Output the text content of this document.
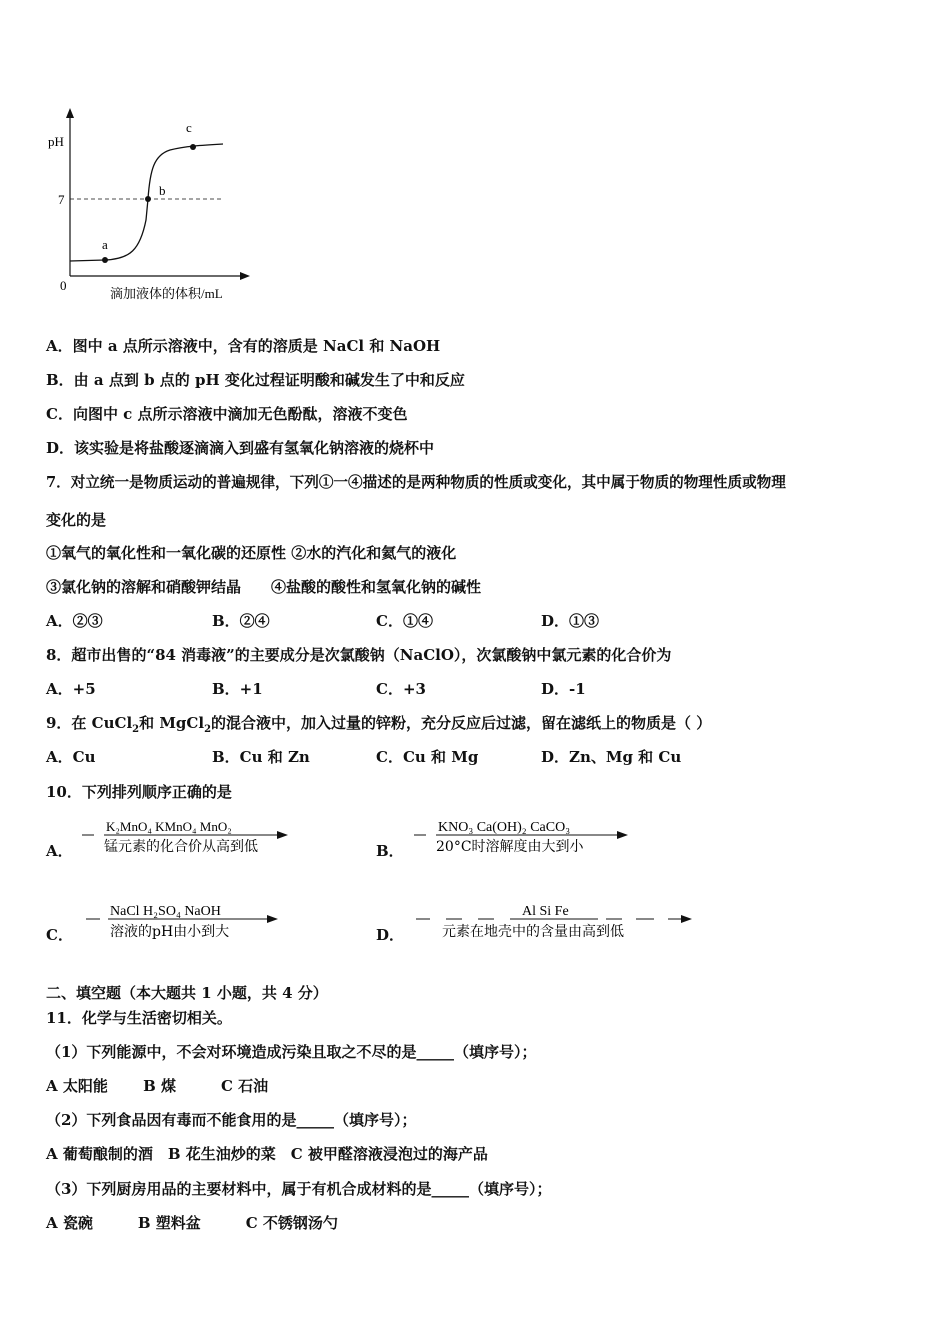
a
b
c
pH
7
0
滴加液体的体积/mL
A．图中 a 点所示溶液中，含有的溶质是 NaCl 和 NaOH
B．由 a 点到 b 点的 pH 变化过程证明酸和碱发生了中和反应
C．向图中 c 点所示溶液中滴加无色酚酞，溶液不变色
D．该实验是将盐酸逐滴滴入到盛有氢氧化钠溶液的烧杯中
7．对立统一是物质运动的普遍规律，下列①一④描述的是两种物质的性质或变化，其中属于物质的物理性质或物理
变化的是
①氧气的氧化性和一氧化碳的还原性 ②水的汽化和氦气的液化
③氯化钠的溶解和硝酸钾结晶　　④盐酸的酸性和氢氧化钠的碱性
A．②③	B．②④	C．①④	D．①③
8．超市出售的“84 消毒液”的主要成分是次氯酸钠（NaClO），次氯酸钠中氯元素的化合价为
A．+5	B．+1	C．+3	D．-1
9．在 CuCl$_2$和 MgCl$_2$的混合液中，加入过量的锌粉，充分反应后过滤，留在滤纸上的物质是（ ）
A．Cu	B．Cu 和 Zn	C．Cu 和 Mg	D．Zn、Mg 和 Cu
10．下列排列顺序正确的是
A．
K₂MnO₄ KMnO₄ MnO₂
锰元素的化合价从高到低	B．
KNO₃ Ca(OH)₂ CaCO₃
20°C时溶解度由大到小
C．
NaCl H₂SO₄ NaOH
溶液的pH由小到大	D．
Al Si Fe
元素在地壳中的含量由高到低
二、填空题（本大题共 1 小题，共 4 分）
11．化学与生活密切相关。
（1）下列能源中，不会对环境造成污染且取之不尽的是_____（填序号）；
A 太阳能　　 B 煤　　　C 石油
（2）下列食品因有毒而不能食用的是_____（填序号）；
A 葡萄酿制的酒　B 花生油炒的菜　C 被甲醛溶液浸泡过的海产品
（3）下列厨房用品的主要材料中，属于有机合成材料的是_____（填序号）；
A 瓷碗　　　B 塑料盆　　　C 不锈钢汤勺
